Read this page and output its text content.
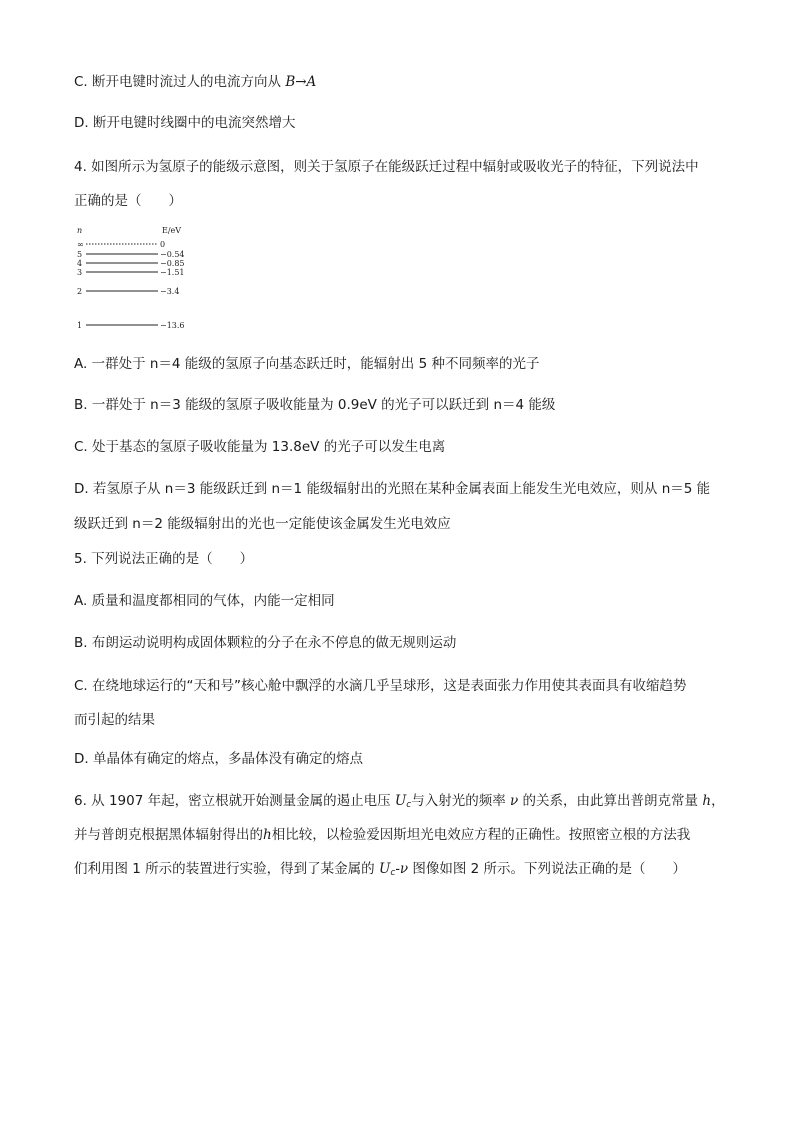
C. 断开电键时流过人的电流方向从 B→A
D. 断开电键时线圈中的电流突然增大
4. 如图所示为氢原子的能级示意图，则关于氢原子在能级跃迁过程中辐射或吸收光子的特征，下列说法中
正确的是（　　）
n	E/eV
∞	0
5	−0.54
4	−0.85
3	−1.51
2	−3.4
1	−13.6
A. 一群处于 n＝4 能级的氢原子向基态跃迁时，能辐射出 5 种不同频率的光子
B. 一群处于 n＝3 能级的氢原子吸收能量为 0.9eV 的光子可以跃迁到 n＝4 能级
C. 处于基态的氢原子吸收能量为 13.8eV 的光子可以发生电离
D. 若氢原子从 n＝3 能级跃迁到 n＝1 能级辐射出的光照在某种金属表面上能发生光电效应，则从 n＝5 能
级跃迁到 n＝2 能级辐射出的光也一定能使该金属发生光电效应
5. 下列说法正确的是（　　）
A. 质量和温度都相同的气体，内能一定相同
B. 布朗运动说明构成固体颗粒的分子在永不停息的做无规则运动
C. 在绕地球运行的“天和号”核心舱中飘浮的水滴几乎呈球形，这是表面张力作用使其表面具有收缩趋势
而引起的结果
D. 单晶体有确定的熔点，多晶体没有确定的熔点
6. 从 1907 年起，密立根就开始测量金属的遏止电压 $U_c$与入射光的频率 ν 的关系，由此算出普朗克常量 h，
并与普朗克根据黑体辐射得出的h相比较，以检验爱因斯坦光电效应方程的正确性。按照密立根的方法我
们利用图 1 所示的装置进行实验，得到了某金属的 $U_c-\nu$ 图像如图 2 所示。下列说法正确的是（　　）
